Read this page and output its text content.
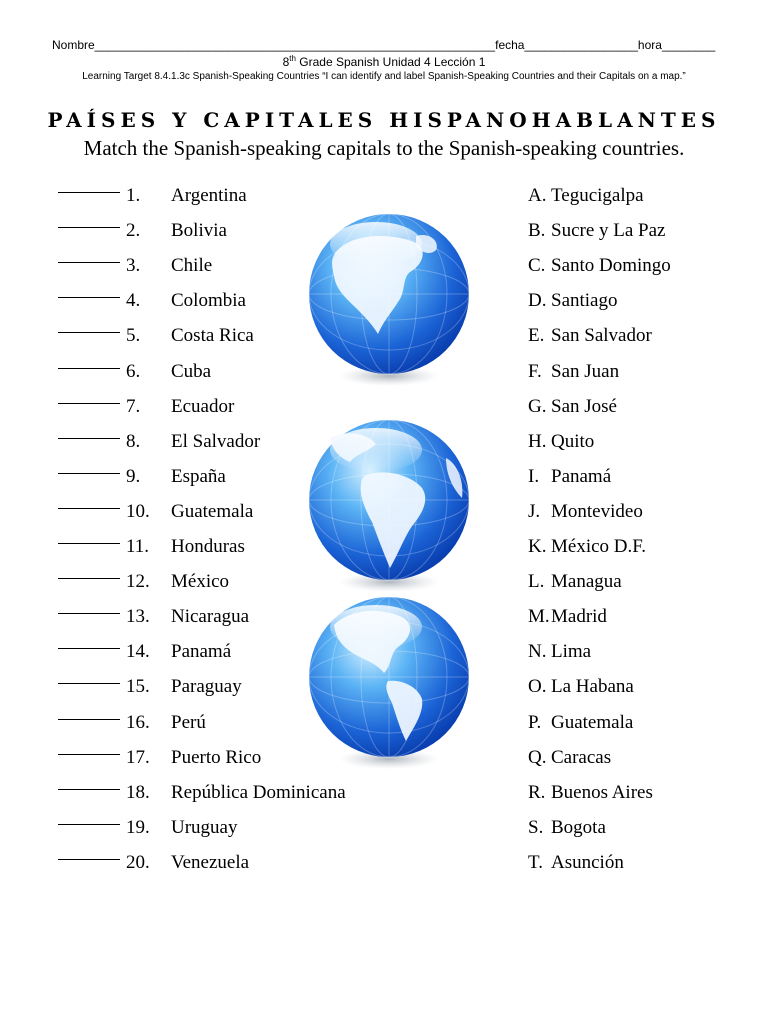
Nombre____________________________________________________________fecha_________________hora________
8th Grade Spanish Unidad 4 Lección 1
Learning Target 8.4.1.3c Spanish-Speaking Countries “I can identify and label Spanish-Speaking Countries and their Capitals on a map.”
PAÍSES Y CAPITALES HISPANOHABLANTES
Match the Spanish-speaking capitals to the Spanish-speaking countries.
1. Argentina	A. Tegucigalpa
2. Bolivia	B. Sucre y La Paz
3. Chile	C. Santo Domingo
4. Colombia	D. Santiago
5. Costa Rica	E. San Salvador
6. Cuba	F. San Juan
7. Ecuador	G. San José
8. El Salvador	H. Quito
9. España	I. Panamá
10. Guatemala	J. Montevideo
11. Honduras	K. México D.F.
12. México	L. Managua
13. Nicaragua	M. Madrid
14. Panamá	N. Lima
15. Paraguay	O. La Habana
16. Perú	P. Guatemala
17. Puerto Rico	Q. Caracas
18. República Dominicana	R. Buenos Aires
19. Uruguay	S. Bogota
20. Venezuela	T. Asunción
